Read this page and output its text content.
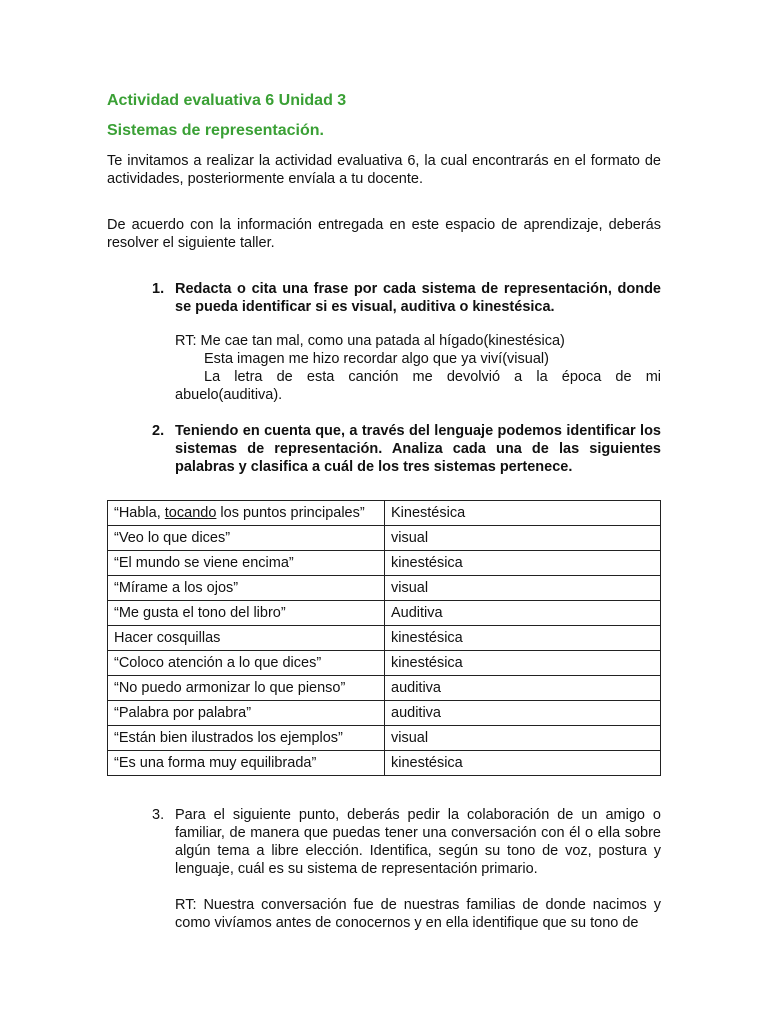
Actividad evaluativa 6 Unidad 3

Sistemas de representación.

Te invitamos a realizar la actividad evaluativa 6, la cual encontrarás en el formato de actividades, posteriormente envíala a tu docente.

De acuerdo con la información entregada en este espacio de aprendizaje, deberás resolver el siguiente taller.

1. Redacta o cita una frase por cada sistema de representación, donde se pueda identificar si es visual, auditiva o kinestésica.

RT: Me cae tan mal, como una patada al hígado(kinestésica)

Esta imagen me hizo recordar algo que ya viví(visual)

La letra de esta canción me devolvió a la época de mi

abuelo(auditiva).

2. Teniendo en cuenta que, a través del lenguaje podemos identificar los sistemas de representación. Analiza cada una de las siguientes palabras y clasifica a cuál de los tres sistemas pertenece.
“Habla, tocando los puntos principales”	Kinestésica
“Veo lo que dices”	visual
“El mundo se viene encima”	kinestésica
“Mírame a los ojos”	visual
“Me gusta el tono del libro”	Auditiva
Hacer cosquillas	kinestésica
“Coloco atención a lo que dices”	kinestésica
“No puedo armonizar lo que pienso”	auditiva
“Palabra por palabra”	auditiva
“Están bien ilustrados los ejemplos”	visual
“Es una forma muy equilibrada”	kinestésica
3. Para el siguiente punto, deberás pedir la colaboración de un amigo o familiar, de manera que puedas tener una conversación con él o ella sobre algún tema a libre elección. Identifica, según su tono de voz, postura y lenguaje, cuál es su sistema de representación primario.

RT: Nuestra conversación fue de nuestras familias de donde nacimos y como vivíamos antes de conocernos y en ella identifique que su tono de
